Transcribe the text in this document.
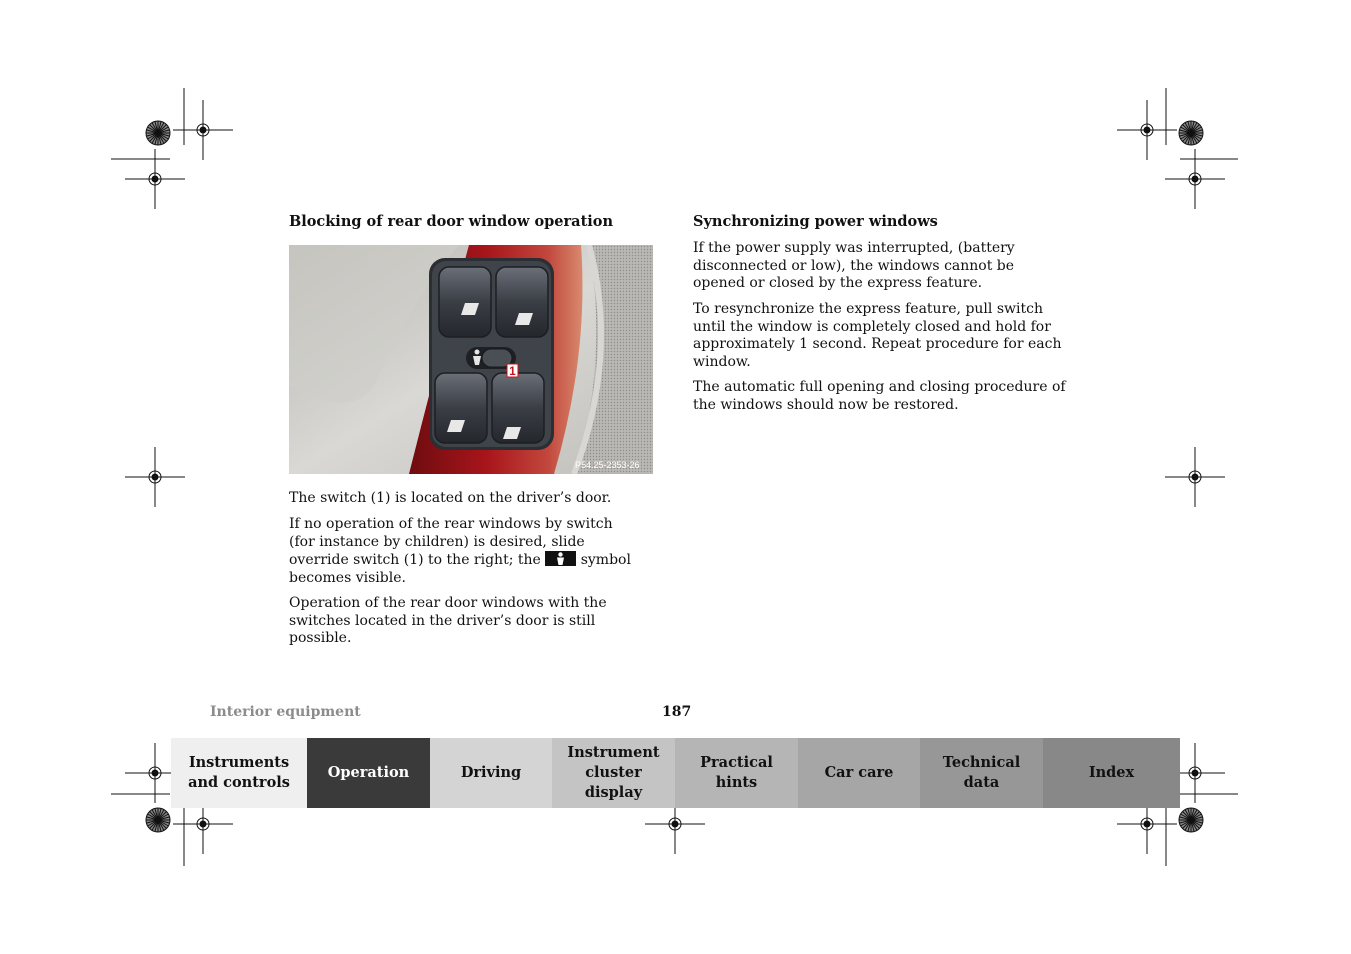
Blocking of rear door window operation
1
P54.25-2353-26

The switch (1) is located on the driver’s door.

If no operation of the rear windows by switch (for instance by children) is desired, slide override switch (1) to the right; the	symbol becomes visible.

Operation of the rear door windows with the switches located in the driver’s door is still possible.

Synchronizing power windows

If the power supply was interrupted, (battery disconnected or low), the windows cannot be opened or closed by the express feature.

To resynchronize the express feature, pull switch until the window is completely closed and hold for approximately 1 second. Repeat procedure for each window.

The automatic full opening and closing procedure of the windows should now be restored.

Interior equipment	187
Instruments
and controls
Operation	Driving
Instrument
cluster display
Practical hints
Car care
Technical
data
Index
